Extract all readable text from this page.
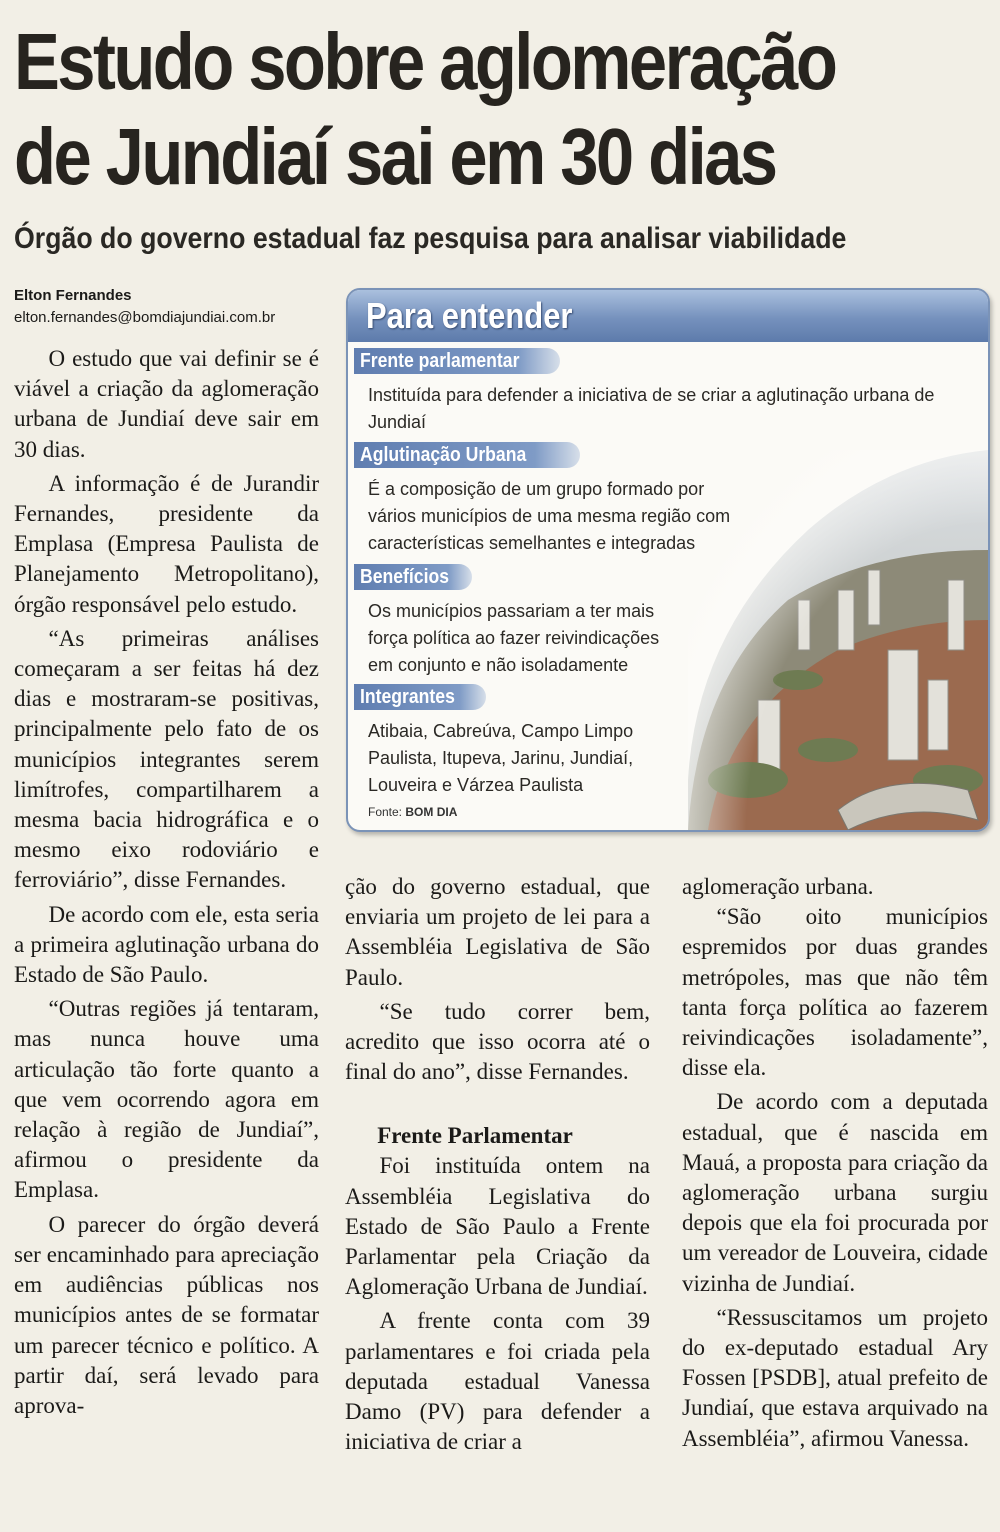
Estudo sobre aglomeração
de Jundiaí sai em 30 dias
Órgão do governo estadual faz pesquisa para analisar viabilidade
Elton Fernandes
elton.fernandes@bomdiajundiai.com.br

O estudo que vai definir se é viável a criação da aglomeração urbana de Jundiaí deve sair em 30 dias.

A informação é de Jurandir Fernandes, presidente da Emplasa (Empresa Paulista de Planejamento Metropolitano), órgão responsável pelo estudo.

“As primeiras análises começaram a ser feitas há dez dias e mostraram-se positivas, principalmente pelo fato de os municípios integrantes serem limítrofes, compartilharem a mesma bacia hidrográfica e o mesmo eixo rodoviário e ferroviário”, disse Fernandes.

De acordo com ele, esta seria a primeira aglutinação urbana do Estado de São Paulo.

“Outras regiões já tentaram, mas nunca houve uma articulação tão forte quanto a que vem ocorrendo agora em relação à região de Jundiaí”, afirmou o presidente da Emplasa.

O parecer do órgão deverá ser encaminhado para apreciação em audiências públicas nos municípios antes de se formatar um parecer técnico e político. A partir daí, será levado para aprova-

Para entender
Frente parlamentar
Instituída para defender a iniciativa de se criar a aglutinação urbana de Jundiaí
Aglutinação Urbana
É a composição de um grupo formado por vários municípios de uma mesma região com características semelhantes e integradas
Benefícios
Os municípios passariam a ter mais força política ao fazer reivindicações em conjunto e não isoladamente
Integrantes
Atibaia, Cabreúva, Campo Limpo Paulista, Itupeva, Jarinu, Jundiaí, Louveira e Várzea Paulista
Fonte: BOM DIA

ção do governo estadual, que enviaria um projeto de lei para a Assembléia Legislativa de São Paulo.

“Se tudo correr bem, acredito que isso ocorra até o final do ano”, disse Fernandes.

Frente Parlamentar

Foi instituída ontem na Assembléia Legislativa do Estado de São Paulo a Frente Parlamentar pela Criação da Aglomeração Urbana de Jundiaí.

A frente conta com 39 parlamentares e foi criada pela deputada estadual Vanessa Damo (PV) para defender a iniciativa de criar a

aglomeração urbana.

“São oito municípios espremidos por duas grandes metrópoles, mas que não têm tanta força política ao fazerem reivindicações isoladamente”, disse ela.

De acordo com a deputada estadual, que é nascida em Mauá, a proposta para criação da aglomeração urbana surgiu depois que ela foi procurada por um vereador de Louveira, cidade vizinha de Jundiaí.

“Ressuscitamos um projeto do ex-deputado estadual Ary Fossen [PSDB], atual prefeito de Jundiaí, que estava arquivado na Assembléia”, afirmou Vanessa.
